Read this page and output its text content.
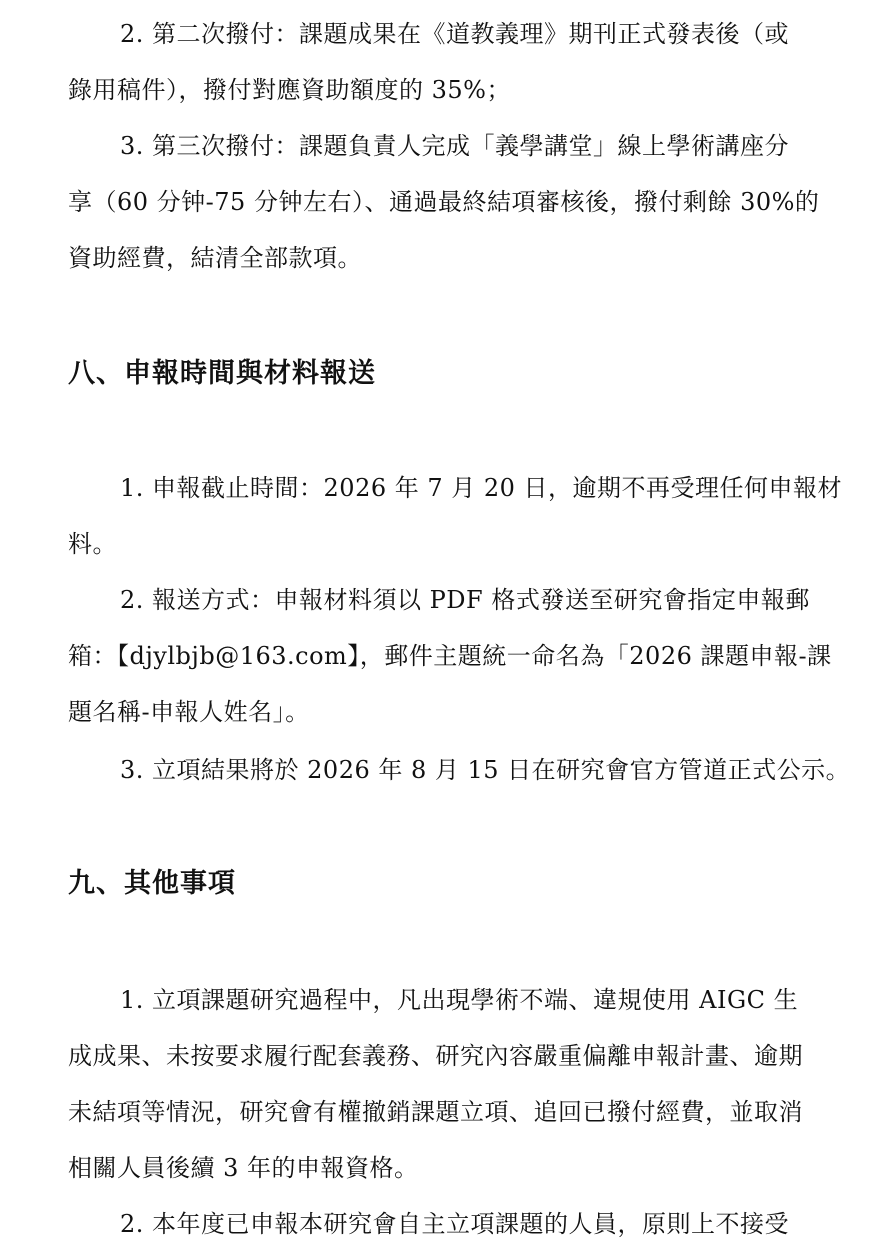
2. 第二次撥付：課題成果在《道教義理》期刊正式發表後（或
錄用稿件），撥付對應資助額度的 35%；
3. 第三次撥付：課題負責人完成「義學講堂」線上學術講座分
享（60 分钟-75 分钟左右）、通過最終結項審核後，撥付剩餘 30%的
資助經費，結清全部款項。
八、申報時間與材料報送
1. 申報截止時間：2026 年 7 月 20 日，逾期不再受理任何申報材
料。
2. 報送方式：申報材料須以 PDF 格式發送至研究會指定申報郵
箱：【djylbjb@163.com】，郵件主題統一命名為「2026 課題申報-課
題名稱-申報人姓名」。
3. 立項結果將於 2026 年 8 月 15 日在研究會官方管道正式公示。
九、其他事項
1. 立項課題研究過程中，凡出現學術不端、違規使用 AIGC 生
成成果、未按要求履行配套義務、研究內容嚴重偏離申報計畫、逾期
未結項等情況，研究會有權撤銷課題立項、追回已撥付經費，並取消
相關人員後續 3 年的申報資格。
2. 本年度已申報本研究會自主立項課題的人員，原則上不接受
